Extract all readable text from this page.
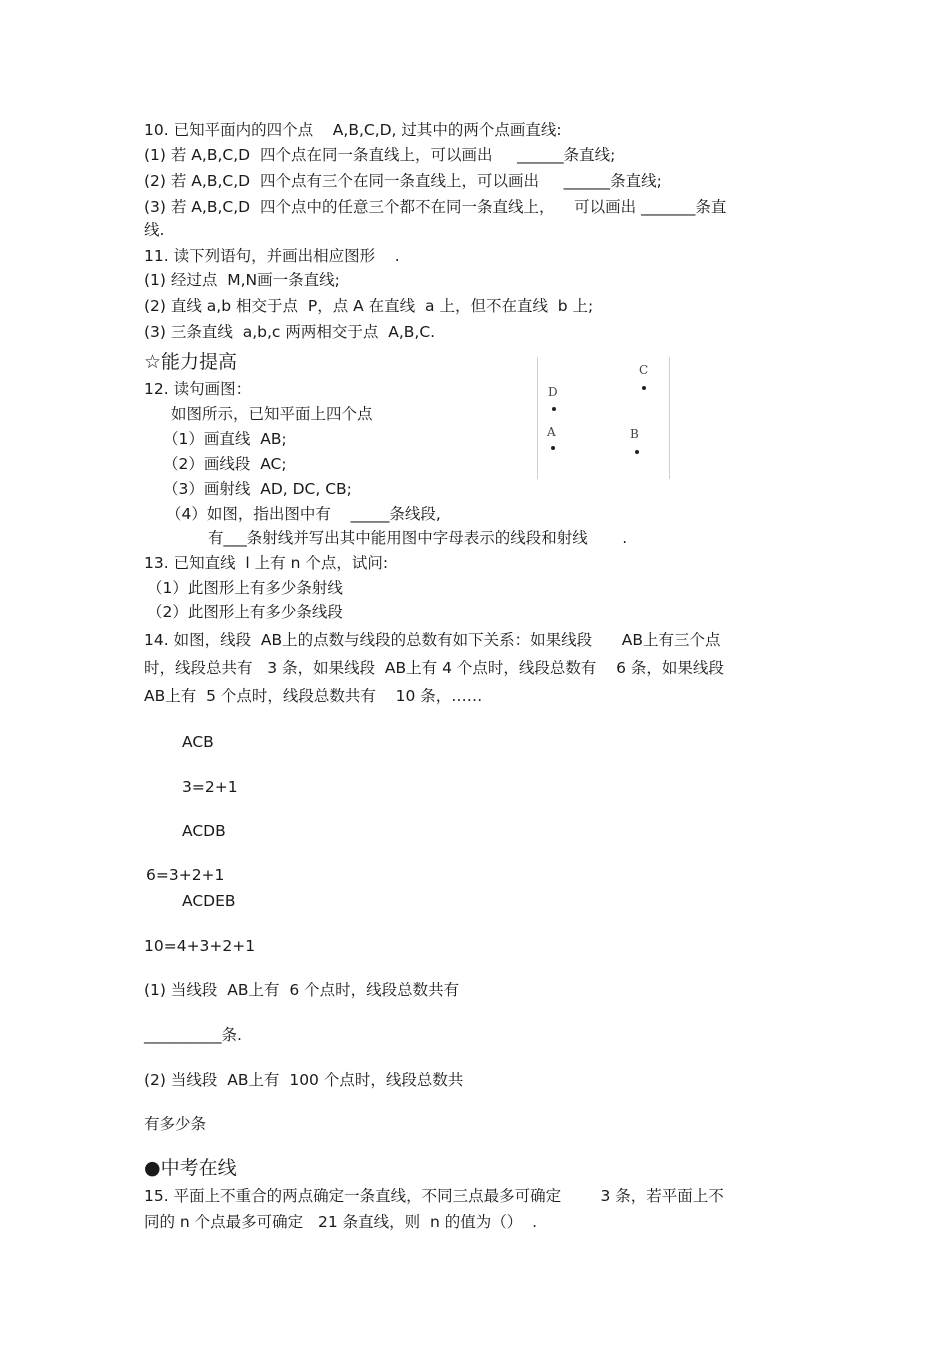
10. 已知平面内的四个点    A,B,C,D, 过其中的两个点画直线:
(1) 若 A,B,C,D  四个点在同一条直线上，可以画出     ______条直线;
(2) 若 A,B,C,D  四个点有三个在同一条直线上，可以画出     ______条直线;
(3) 若 A,B,C,D  四个点中的任意三个都不在同一条直线上，    可以画出 _______条直
线.
11. 读下列语句，并画出相应图形    .
(1) 经过点  M,N画一条直线;
(2) 直线 a,b 相交于点  P，点 A 在直线  a 上，但不在直线  b 上;
(3) 三条直线  a,b,c 两两相交于点  A,B,C.
☆能力提高
12. 读句画图：
如图所示，已知平面上四个点
（1）画直线  AB;
（2）画线段  AC;
（3）画射线  AD, DC, CB;
（4）如图，指出图中有    _____条线段,
有___条射线并写出其中能用图中字母表示的线段和射线       .
13. 已知直线  l 上有 n 个点，试问:
（1）此图形上有多少条射线
（2）此图形上有多少条线段
14. 如图，线段  AB上的点数与线段的总数有如下关系：如果线段      AB上有三个点
时，线段总共有   3 条，如果线段  AB上有 4 个点时，线段总数有    6 条，如果线段
AB上有  5 个点时，线段总数共有    10 条，……
ACB
3=2+1
ACDB
6=3+2+1
ACDEB
10=4+3+2+1
(1) 当线段  AB上有  6 个点时，线段总数共有
__________条.
(2) 当线段  AB上有  100 个点时，线段总数共
有多少条
●中考在线
15. 平面上不重合的两点确定一条直线，不同三点最多可确定        3 条，若平面上不
同的 n 个点最多可确定   21 条直线，则  n 的值为（）  .
C
D
A	B
